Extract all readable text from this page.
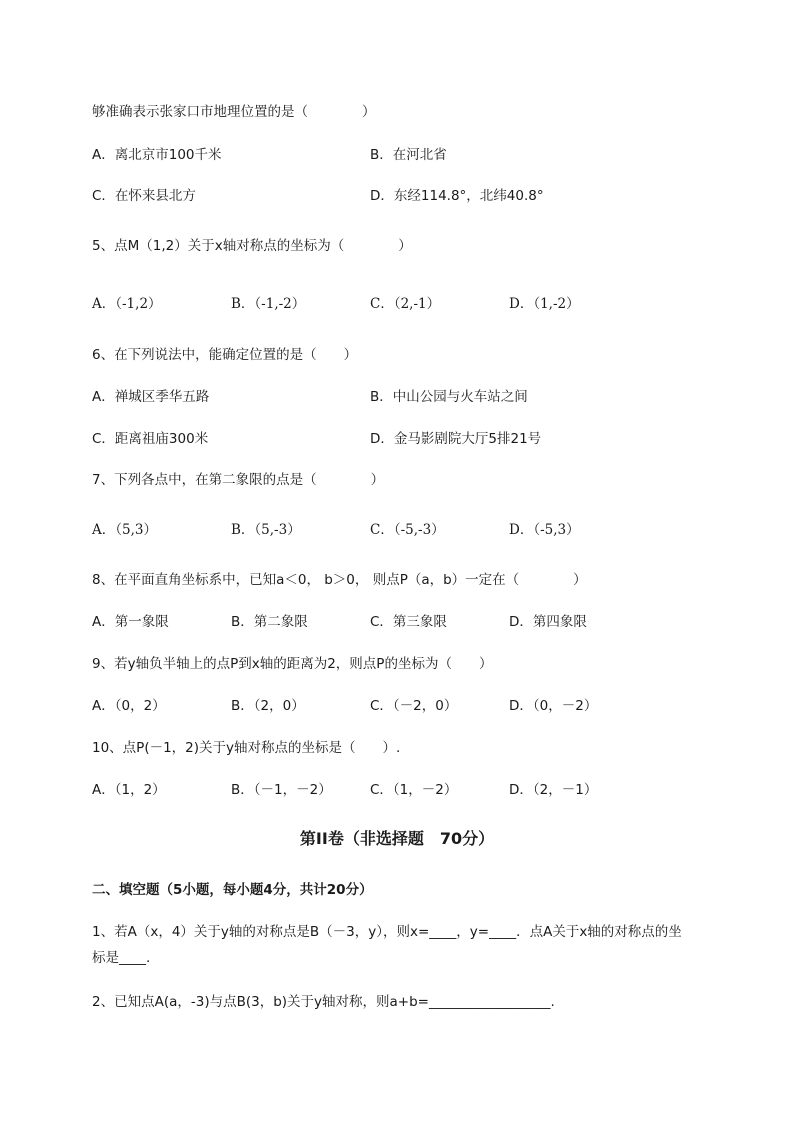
够准确表示张家口市地理位置的是（　　　　）
A．离北京市100千米	B．在河北省
C．在怀来县北方	D．东经114.8°，北纬40.8°
5、点M（1,2）关于x轴对称点的坐标为（　　　　）
A．（-1,2）	B．（-1,-2）	C．（2,-1）	D．（1,-2）
6、在下列说法中，能确定位置的是（　　）
A．禅城区季华五路	B．中山公园与火车站之间
C．距离祖庙300米	D．金马影剧院大厅5排21号
7、下列各点中，在第二象限的点是（　　　　）
A．（5,3）	B．（5,-3）	C．（-5,-3）	D．（-5,3）
8、在平面直角坐标系中，已知a＜0， b＞0， 则点P（a，b）一定在（　　　　）
A．第一象限	B．第二象限	C．第三象限	D．第四象限
9、若y轴负半轴上的点P到x轴的距离为2，则点P的坐标为（　　）
A．（0，2）	B．（2，0）	C．（－2，0）	D．（0，－2）
10、点P(－1，2)关于y轴对称点的坐标是（　　）.
A．（1，2）	B．（－1，－2）	C．（1，－2）	D．（2，－1）
第II卷（非选择题　70分）
二、填空题（5小题，每小题4分，共计20分）
1、若A（x，4）关于y轴的对称点是B（－3，y），则x=____，y=____．点A关于x轴的对称点的坐
标是____.
2、已知点A(a，-3)与点B(3，b)关于y轴对称，则a+b=__________________.
